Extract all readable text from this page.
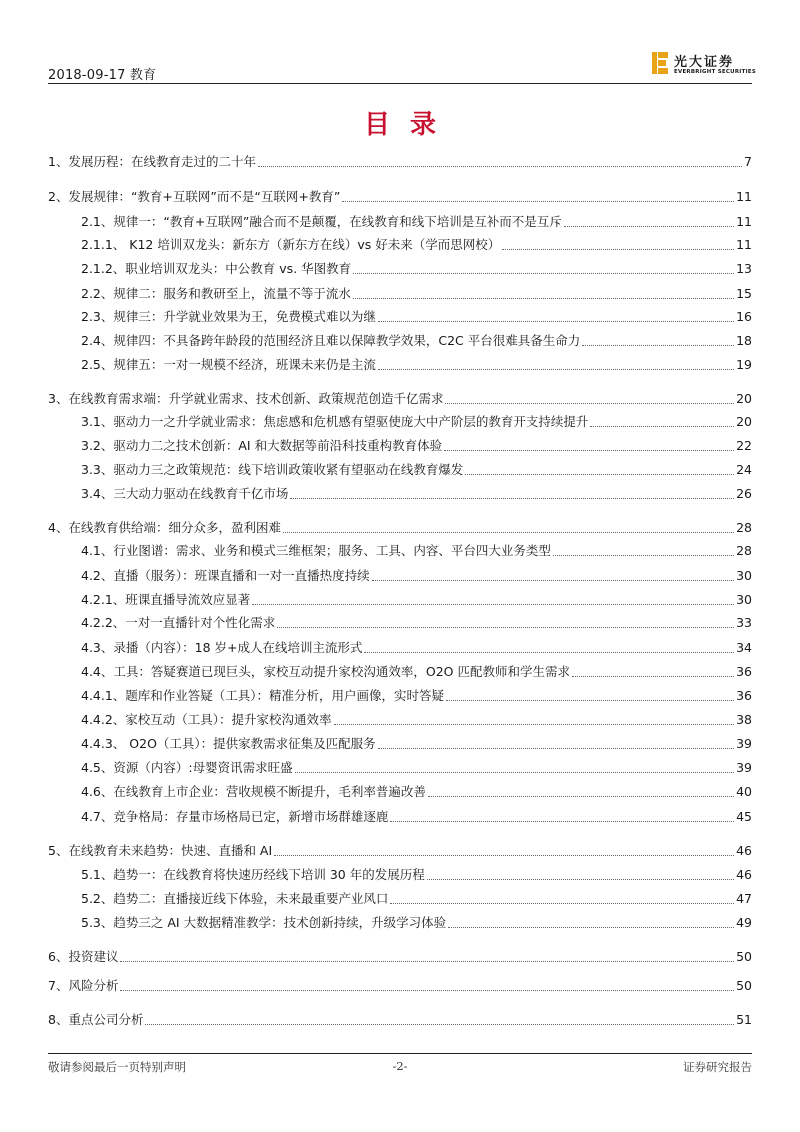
2018-09-17 教育
光大证券
EVERBRIGHT SECURITIES
目录
1、发展历程：在线教育走过的二十年	7
2、发展规律：“教育+互联网”而不是“互联网+教育”	11
2.1、规律一：“教育+互联网”融合而不是颠覆，在线教育和线下培训是互补而不是互斥	11
2.1.1、 K12 培训双龙头：新东方（新东方在线）vs 好未来（学而思网校）	11
2.1.2、职业培训双龙头：中公教育 vs. 华图教育	13
2.2、规律二：服务和教研至上，流量不等于流水	15
2.3、规律三：升学就业效果为王，免费模式难以为继	16
2.4、规律四：不具备跨年龄段的范围经济且难以保障教学效果，C2C 平台很难具备生命力	18
2.5、规律五：一对一规模不经济，班课未来仍是主流	19
3、在线教育需求端：升学就业需求、技术创新、政策规范创造千亿需求	20
3.1、驱动力一之升学就业需求：焦虑感和危机感有望驱使庞大中产阶层的教育开支持续提升	20
3.2、驱动力二之技术创新：AI 和大数据等前沿科技重构教育体验	22
3.3、驱动力三之政策规范：线下培训政策收紧有望驱动在线教育爆发	24
3.4、三大动力驱动在线教育千亿市场	26
4、在线教育供给端：细分众多，盈利困难	28
4.1、行业图谱：需求、业务和模式三维框架；服务、工具、内容、平台四大业务类型	28
4.2、直播（服务）：班课直播和一对一直播热度持续	30
4.2.1、班课直播导流效应显著	30
4.2.2、一对一直播针对个性化需求	33
4.3、录播（内容）：18 岁+成人在线培训主流形式	34
4.4、工具：答疑赛道已现巨头，家校互动提升家校沟通效率，O2O 匹配教师和学生需求	36
4.4.1、题库和作业答疑（工具）：精准分析，用户画像，实时答疑	36
4.4.2、家校互动（工具）：提升家校沟通效率	38
4.4.3、 O2O（工具）：提供家教需求征集及匹配服务	39
4.5、资源（内容）:母婴资讯需求旺盛	39
4.6、在线教育上市企业：营收规模不断提升，毛利率普遍改善	40
4.7、竞争格局：存量市场格局已定，新增市场群雄逐鹿	45
5、在线教育未来趋势：快速、直播和 AI	46
5.1、趋势一：在线教育将快速历经线下培训 30 年的发展历程	46
5.2、趋势二：直播接近线下体验，未来最重要产业风口	47
5.3、趋势三之 AI 大数据精准教学：技术创新持续，升级学习体验	49
6、投资建议	50
7、风险分析	50
8、重点公司分析	51
敬请参阅最后一页特别声明	-2-	证券研究报告
